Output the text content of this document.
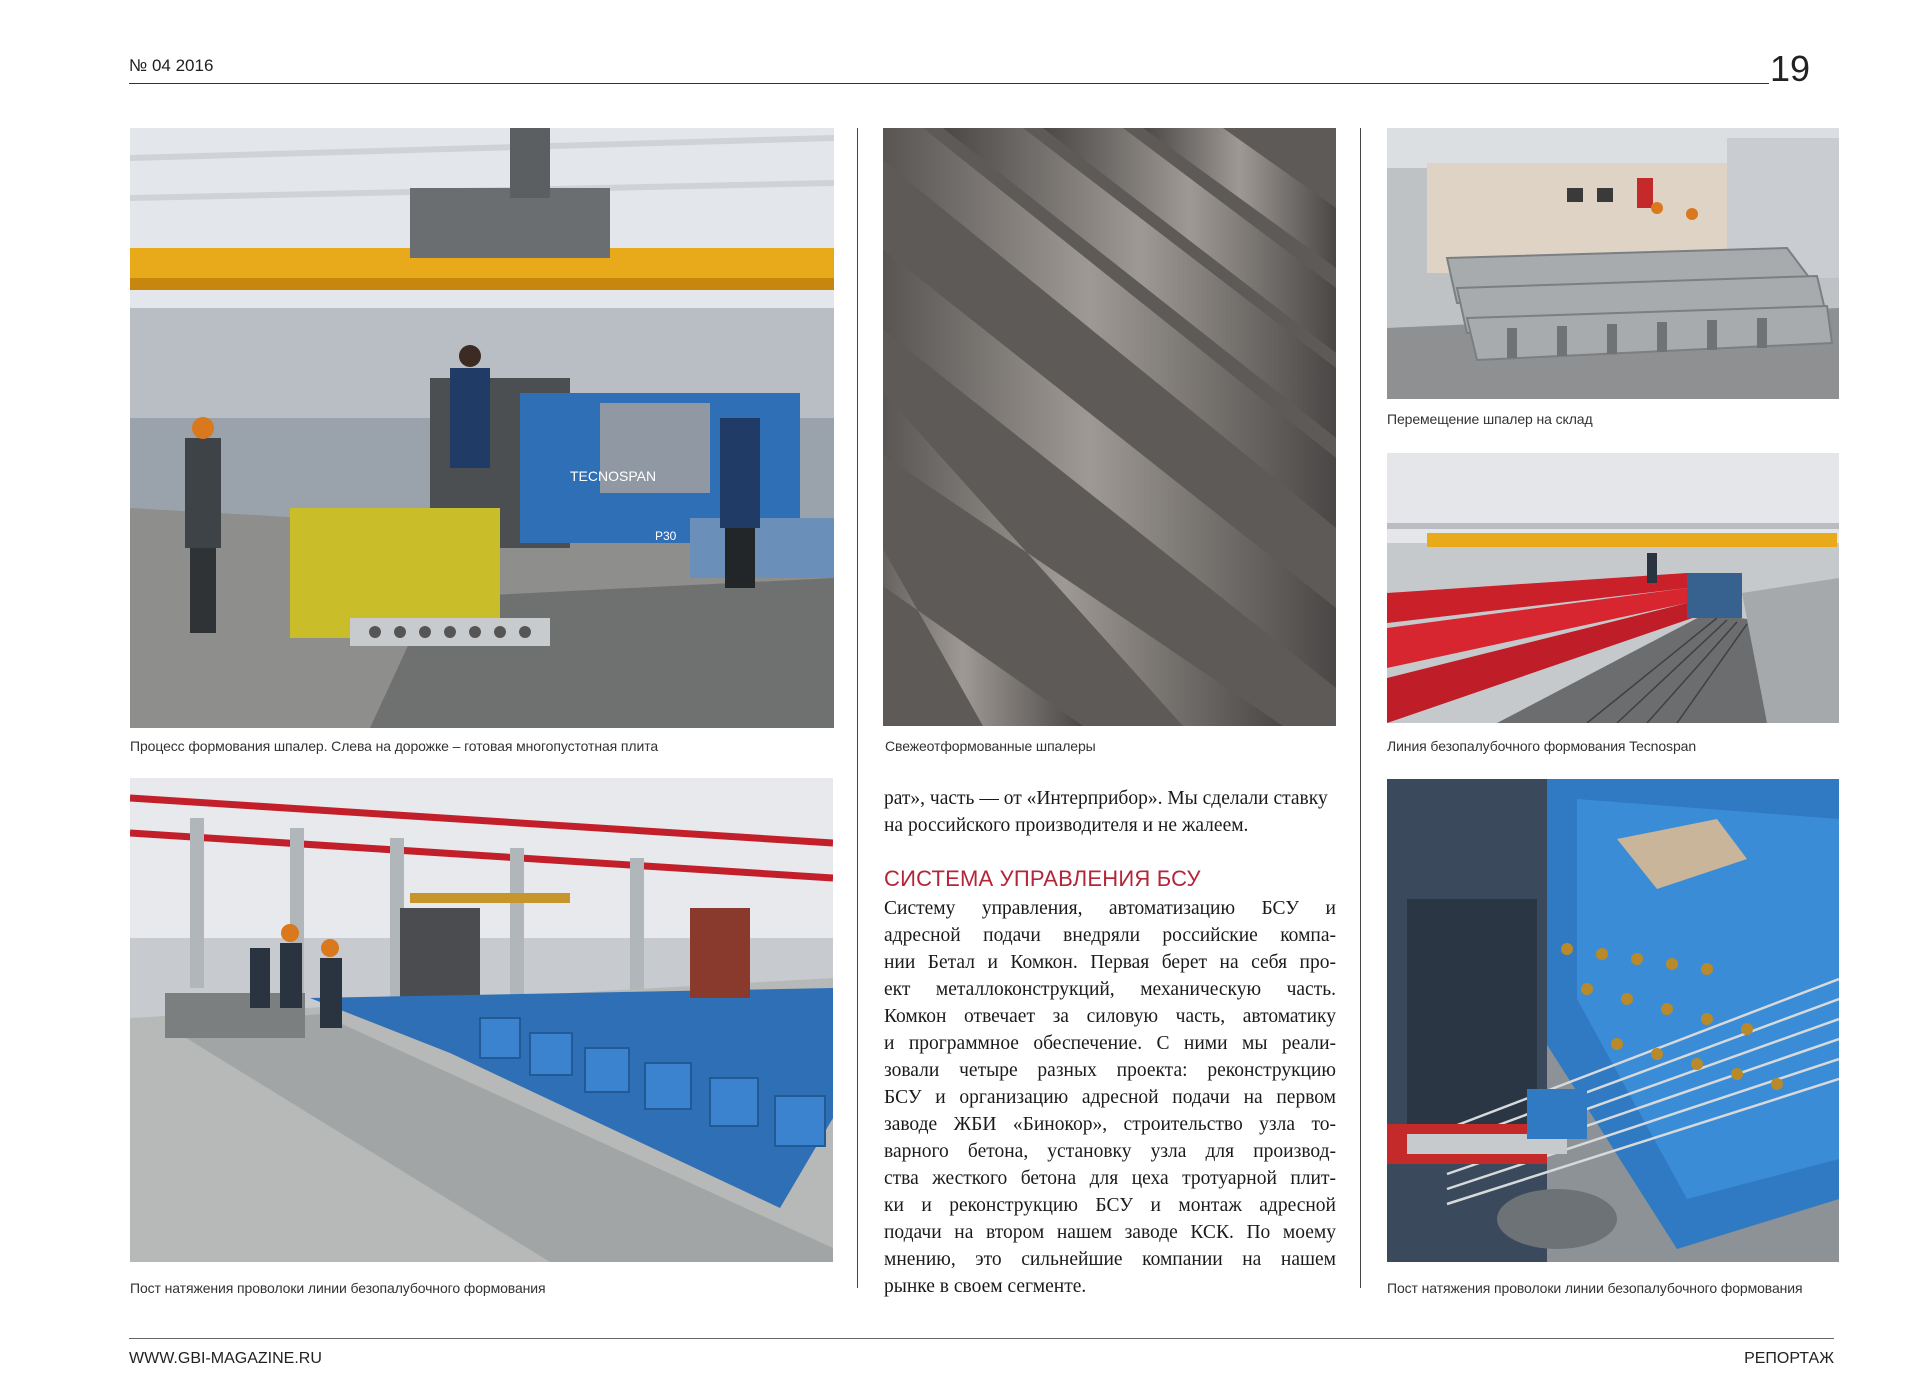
№ 04 2016	19
TECNOSPAN
P30
Процесс формования шпалер. Слева на дорожке – готовая многопустотная плита
Пост натяжения проволоки линии безопалубочного формования
Свежеотформованные шпалеры
рат», часть — от «Интерприбор». Мы сделали ставку
на российского производителя и не жалеем.
СИСТЕМА УПРАВЛЕНИЯ БСУ
Систему управления, автоматизацию БСУ и
адресной подачи внедряли российские компа-
нии Бетал и Комкон. Первая берет на себя про-
ект металлоконструкций, механическую часть.
Комкон отвечает за силовую часть, автоматику
и программное обеспечение. С ними мы реали-
зовали четыре разных проекта: реконструкцию
БСУ и организацию адресной подачи на первом
заводе ЖБИ «Бинокор», строительство узла то-
варного бетона, установку узла для производ-
ства жесткого бетона для цеха тротуарной плит-
ки и реконструкцию БСУ и монтаж адресной
подачи на втором нашем заводе КСК. По моему
мнению, это сильнейшие компании на нашем
рынке в своем сегменте.
Перемещение шпалер на склад
Линия безопалубочного формования Tecnospan
Пост натяжения проволоки линии безопалубочного формования
WWW.GBI-MAGAZINE.RU	РЕПОРТАЖ
